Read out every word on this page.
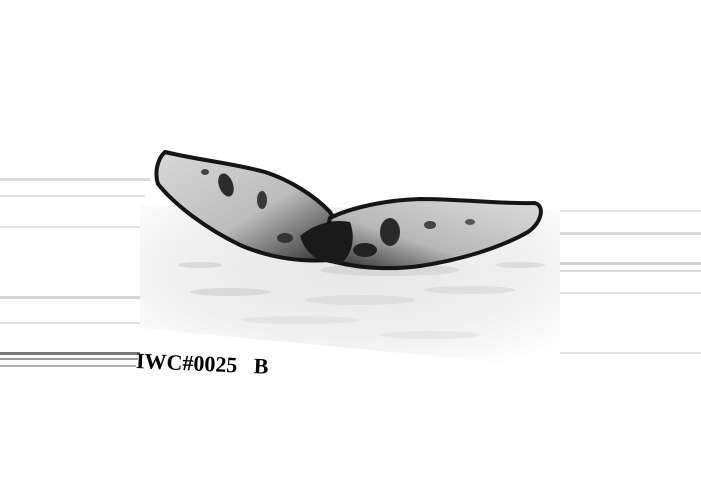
IWC#0025   B
